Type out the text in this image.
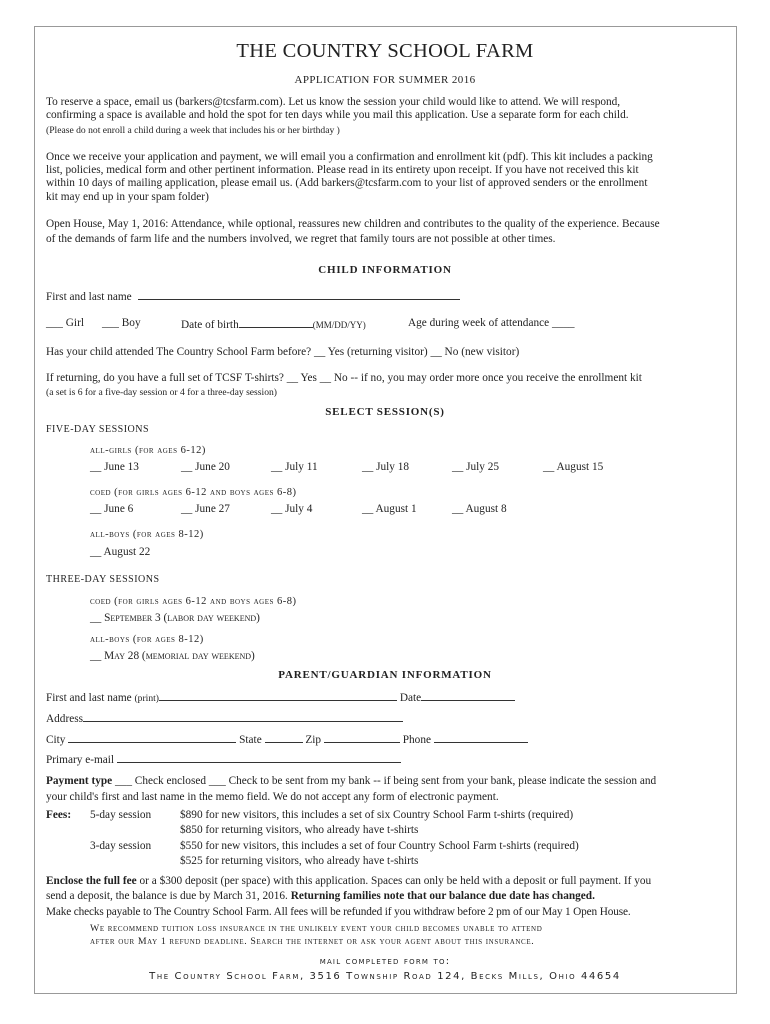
THE COUNTRY SCHOOL FARM
APPLICATION FOR SUMMER 2016
To reserve a space, email us (barkers@tcsfarm.com). Let us know the session your child would like to attend. We will respond,
confirming a space is available and hold the spot for ten days while you mail this application. Use a separate form for each child.
(Please do not enroll a child during a week that includes his or her birthday )
Once we receive your application and payment, we will email you a confirmation and enrollment kit (pdf). This kit includes a packing
list, policies, medical form and other pertinent information. Please read in its entirety upon receipt. If you have not received this kit
within 10 days of mailing application, please email us. (Add barkers@tcsfarm.com to your list of approved senders or the enrollment
kit may end up in your spam folder)
Open House, May 1, 2016: Attendance, while optional, reassures new children and contributes to the quality of the experience. Because
of the demands of farm life and the numbers involved, we regret that family tours are not possible at other times.
CHILD INFORMATION
First and last name
___ Girl ___ Boy	Date of birth	(MM/DD/YY)	Age during week of attendance ____
Has your child attended The Country School Farm before? __ Yes (returning visitor) __ No (new visitor)
If returning, do you have a full set of TCSF T-shirts? __ Yes __ No -- if no, you may order more once you receive the enrollment kit
(a set is 6 for a five-day session or 4 for a three-day session)
SELECT SESSION(S)
FIVE-DAY SESSIONS
all-girls (for ages 6-12)
__ June 13	__ June 20	__ July 11	__ July 18	__ July 25	__ August 15
coed (for girls ages 6-12 and boys ages 6-8)
__ June 6	__ June 27	__ July 4	__ August 1	__ August 8
all-boys (for ages 8-12)
__ August 22
THREE-DAY SESSIONS
coed (for girls ages 6-12 and boys ages 6-8)
__ September 3 (labor day weekend)
all-boys (for ages 8-12)
__ May 28 (memorial day weekend)
PARENT/GUARDIAN INFORMATION
First and last name (print)	Date
Address
City	State	Zip	Phone
Primary e-mail
Payment type ___ Check enclosed ___ Check to be sent from my bank -- if being sent from your bank, please indicate the session and
your child's first and last name in the memo field. We do not accept any form of electronic payment.
Fees: 5-day session	$890 for new visitors, this includes a set of six Country School Farm t-shirts (required)
$850 for returning visitors, who already have t-shirts
3-day session	$550 for new visitors, this includes a set of four Country School Farm t-shirts (required)
$525 for returning visitors, who already have t-shirts
Enclose the full fee or a $300 deposit (per space) with this application. Spaces can only be held with a deposit or full payment. If you
send a deposit, the balance is due by March 31, 2016. Returning families note that our balance due date has changed.
Make checks payable to The Country School Farm. All fees will be refunded if you withdraw before 2 pm of our May 1 Open House.
We recommend tuition loss insurance in the unlikely event your child becomes unable to attend
after our May 1 refund deadline. Search the internet or ask your agent about this insurance.
mail completed form to:
The Country School Farm, 3516 Township Road 124, Becks Mills, Ohio 44654
